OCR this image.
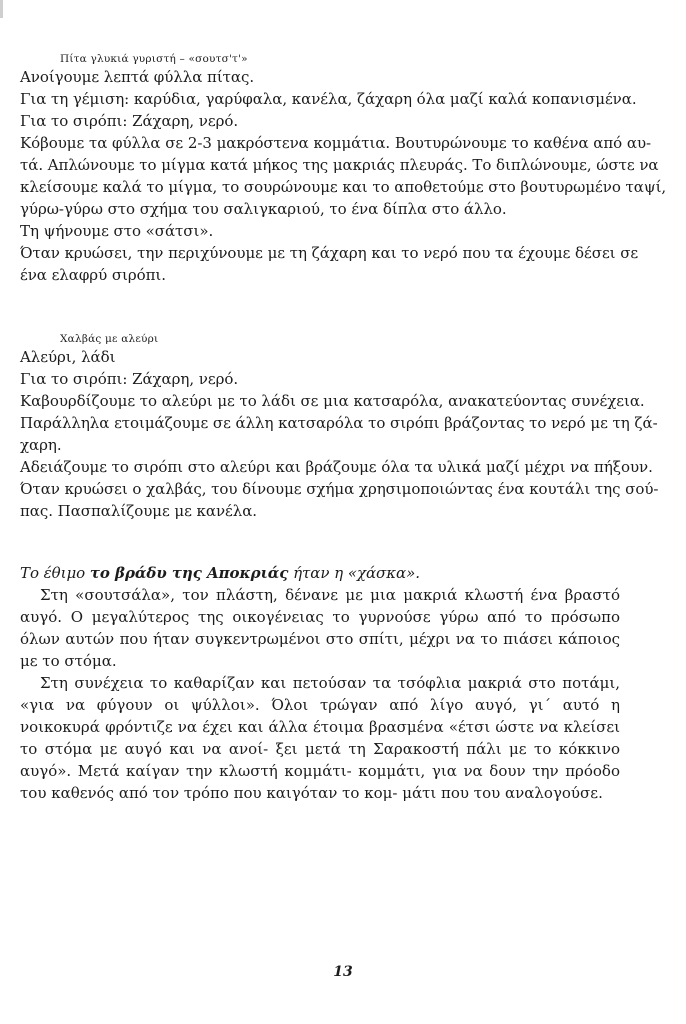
Πίτα γλυκιά γυριστή – «σουτσ'τ'»
Ανοίγουμε λεπτά φύλλα πίτας.
Για τη γέμιση: καρύδια, γαρύφαλα, κανέλα, ζάχαρη όλα μαζί καλά κοπανισμένα.
Για το σιρόπι: Ζάχαρη, νερό.
Κόβουμε τα φύλλα σε 2-3 μακρόστενα κομμάτια. Βουτυρώνουμε το καθένα από αυ-
τά. Απλώνουμε το μίγμα κατά μήκος της μακριάς πλευράς. Το διπλώνουμε, ώστε να
κλείσουμε καλά το μίγμα, το σουρώνουμε και το αποθετούμε στο βουτυρωμένο ταψί,
γύρω-γύρω στο σχήμα του σαλιγκαριού, το ένα δίπλα στο άλλο.
Τη ψήνουμε στο «σάτσι».
Όταν κρυώσει, την περιχύνουμε με τη ζάχαρη και το νερό που τα έχουμε δέσει σε
ένα ελαφρύ σιρόπι.
Χαλβάς με αλεύρι
Αλεύρι, λάδι
Για το σιρόπι: Ζάχαρη, νερό.
Καβουρδίζουμε το αλεύρι με το λάδι σε μια κατσαρόλα, ανακατεύοντας συνέχεια.
Παράλληλα ετοιμάζουμε σε άλλη κατσαρόλα το σιρόπι βράζοντας το νερό με τη ζά-
χαρη.
Αδειάζουμε το σιρόπι στο αλεύρι και βράζουμε όλα τα υλικά μαζί μέχρι να πήξουν.
Όταν κρυώσει ο χαλβάς, του δίνουμε σχήμα χρησιμοποιώντας ένα κουτάλι της σού-
πας. Πασπαλίζουμε με κανέλα.
Το έθιμο το βράδυ της Αποκριάς ήταν η «χάσκα».
Στη «σουτσάλα», τον πλάστη, δένανε με μια μακριά κλωστή ένα βραστό αυγό. Ο μεγαλύτερος της οικογένειας το γυρνούσε γύρω από το πρόσωπο όλων αυτών που ήταν συγκεντρωμένοι στο σπίτι, μέχρι να το πιάσει κάποιος με το στόμα.
Στη συνέχεια το καθαρίζαν και πετούσαν τα τσόφλια μακριά στο ποτάμι, «για να φύγουν οι ψύλλοι». Όλοι τρώγαν από λίγο αυγό, γι΄ αυτό η νοικοκυρά φρόντιζε να έχει και άλλα έτοιμα βρασμένα «έτσι ώστε να κλείσει το στόμα με αυγό και να ανοί- ξει μετά τη Σαρακοστή πάλι με το κόκκινο αυγό». Μετά καίγαν την κλωστή κομμάτι- κομμάτι, για να δουν την πρόοδο του καθενός από τον τρόπο που καιγόταν το κομ- μάτι που του αναλογούσε.
13
